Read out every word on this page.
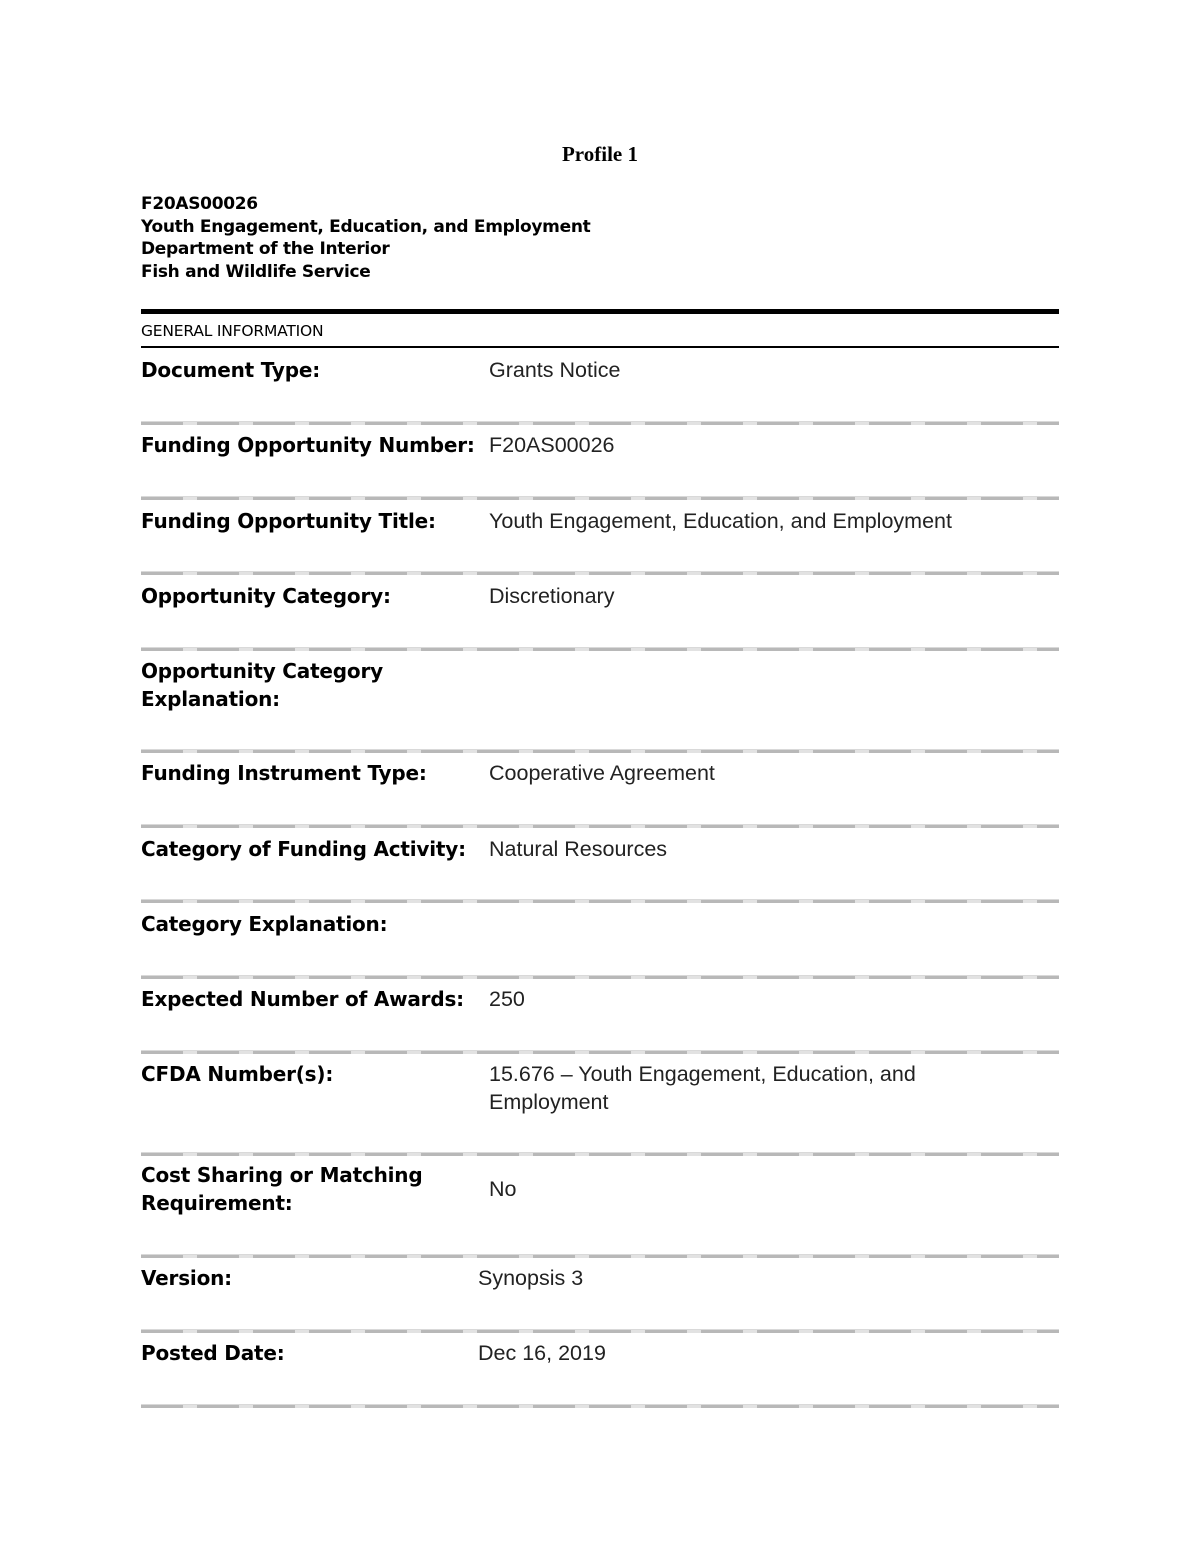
Profile 1
F20AS00026
Youth Engagement, Education, and Employment
Department of the Interior
Fish and Wildlife Service
GENERAL INFORMATION
Document Type:	Grants Notice
Funding Opportunity Number: F20AS00026
Funding Opportunity Title:	Youth Engagement, Education, and Employment
Opportunity Category:	Discretionary
Opportunity Category Explanation:
Funding Instrument Type:	Cooperative Agreement
Category of Funding Activity:	Natural Resources
Category Explanation:
Expected Number of Awards:	250
CFDA Number(s):	15.676 – Youth Engagement, Education, and Employment
Cost Sharing or Matching Requirement:
No
Version:	Synopsis 3
Posted Date:	Dec 16, 2019
